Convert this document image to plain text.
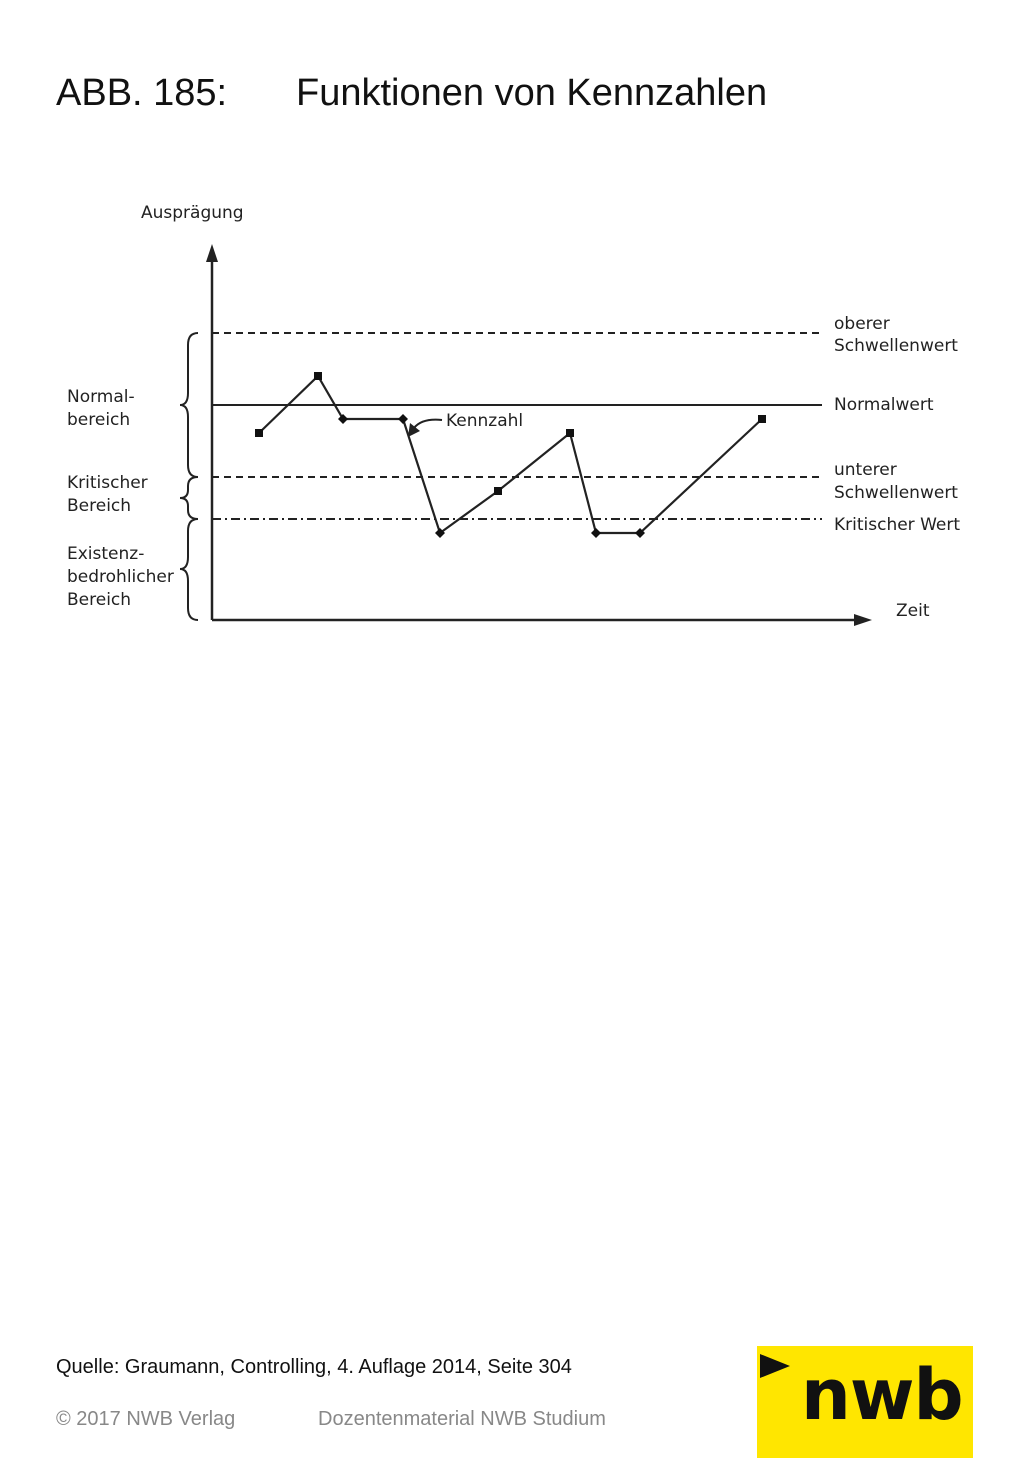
ABB. 185: Funktionen von Kennzahlen
Ausprägung
Zeit
oberer
Schwellenwert
Normalwert
unterer
Schwellenwert
Kritischer Wert
Normal-
bereich
Kritischer
Bereich
Existenz-
bedrohlicher
Bereich
Kennzahl
Quelle: Graumann, Controlling, 4. Auflage 2014, Seite 304
© 2017 NWB Verlag	Dozentenmaterial NWB Studium	nwb
